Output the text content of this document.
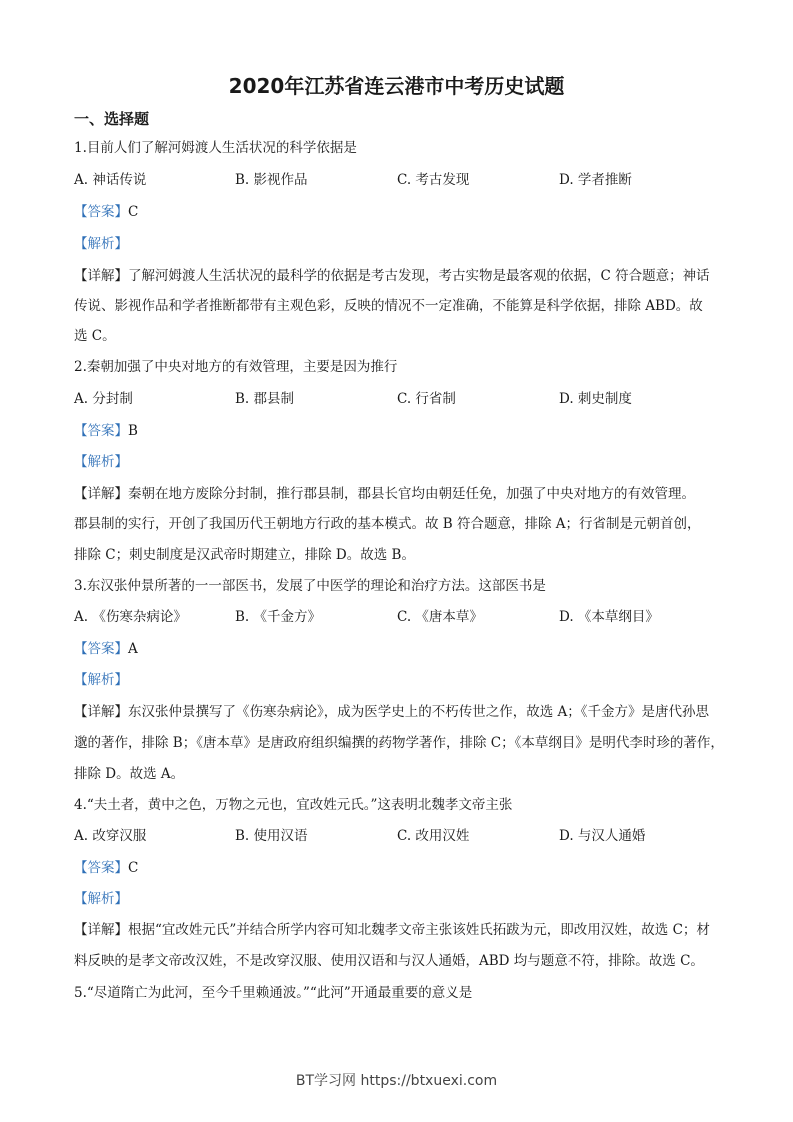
2020年江苏省连云港市中考历史试题
一、选择题
1.目前人们了解河姆渡人生活状况的科学依据是
A. 神话传说	B. 影视作品	C. 考古发现	D. 学者推断
【答案】C
【解析】
【详解】了解河姆渡人生活状况的最科学的依据是考古发现，考古实物是最客观的依据，C 符合题意；神话
传说、影视作品和学者推断都带有主观色彩，反映的情况不一定准确，不能算是科学依据，排除 ABD。故
选 C。
2.秦朝加强了中央对地方的有效管理，主要是因为推行
A. 分封制	B. 郡县制	C. 行省制	D. 刺史制度
【答案】B
【解析】
【详解】秦朝在地方废除分封制，推行郡县制，郡县长官均由朝廷任免，加强了中央对地方的有效管理。
郡县制的实行，开创了我国历代王朝地方行政的基本模式。故 B 符合题意，排除 A；行省制是元朝首创，
排除 C；刺史制度是汉武帝时期建立，排除 D。故选 B。
3.东汉张仲景所著的一一部医书，发展了中医学的理论和治疗方法。这部医书是
A. 《伤寒杂病论》	B. 《千金方》	C. 《唐本草》	D. 《本草纲目》
【答案】A
【解析】
【详解】东汉张仲景撰写了《伤寒杂病论》，成为医学史上的不朽传世之作，故选 A；《千金方》是唐代孙思
邈的著作，排除 B；《唐本草》是唐政府组织编撰的药物学著作，排除 C；《本草纲目》是明代李时珍的著作，
排除 D。故选 A。
4.“夫土者，黄中之色，万物之元也，宜改姓元氏。”这表明北魏孝文帝主张
A. 改穿汉服	B. 使用汉语	C. 改用汉姓	D. 与汉人通婚
【答案】C
【解析】
【详解】根据“宜改姓元氏”并结合所学内容可知北魏孝文帝主张该姓氏拓跋为元，即改用汉姓，故选 C；材
料反映的是孝文帝改汉姓，不是改穿汉服、使用汉语和与汉人通婚，ABD 均与题意不符，排除。故选 C。
5.“尽道隋亡为此河，至今千里赖通波。”“此河”开通最重要的意义是
BT学习网 https://btxuexi.com
